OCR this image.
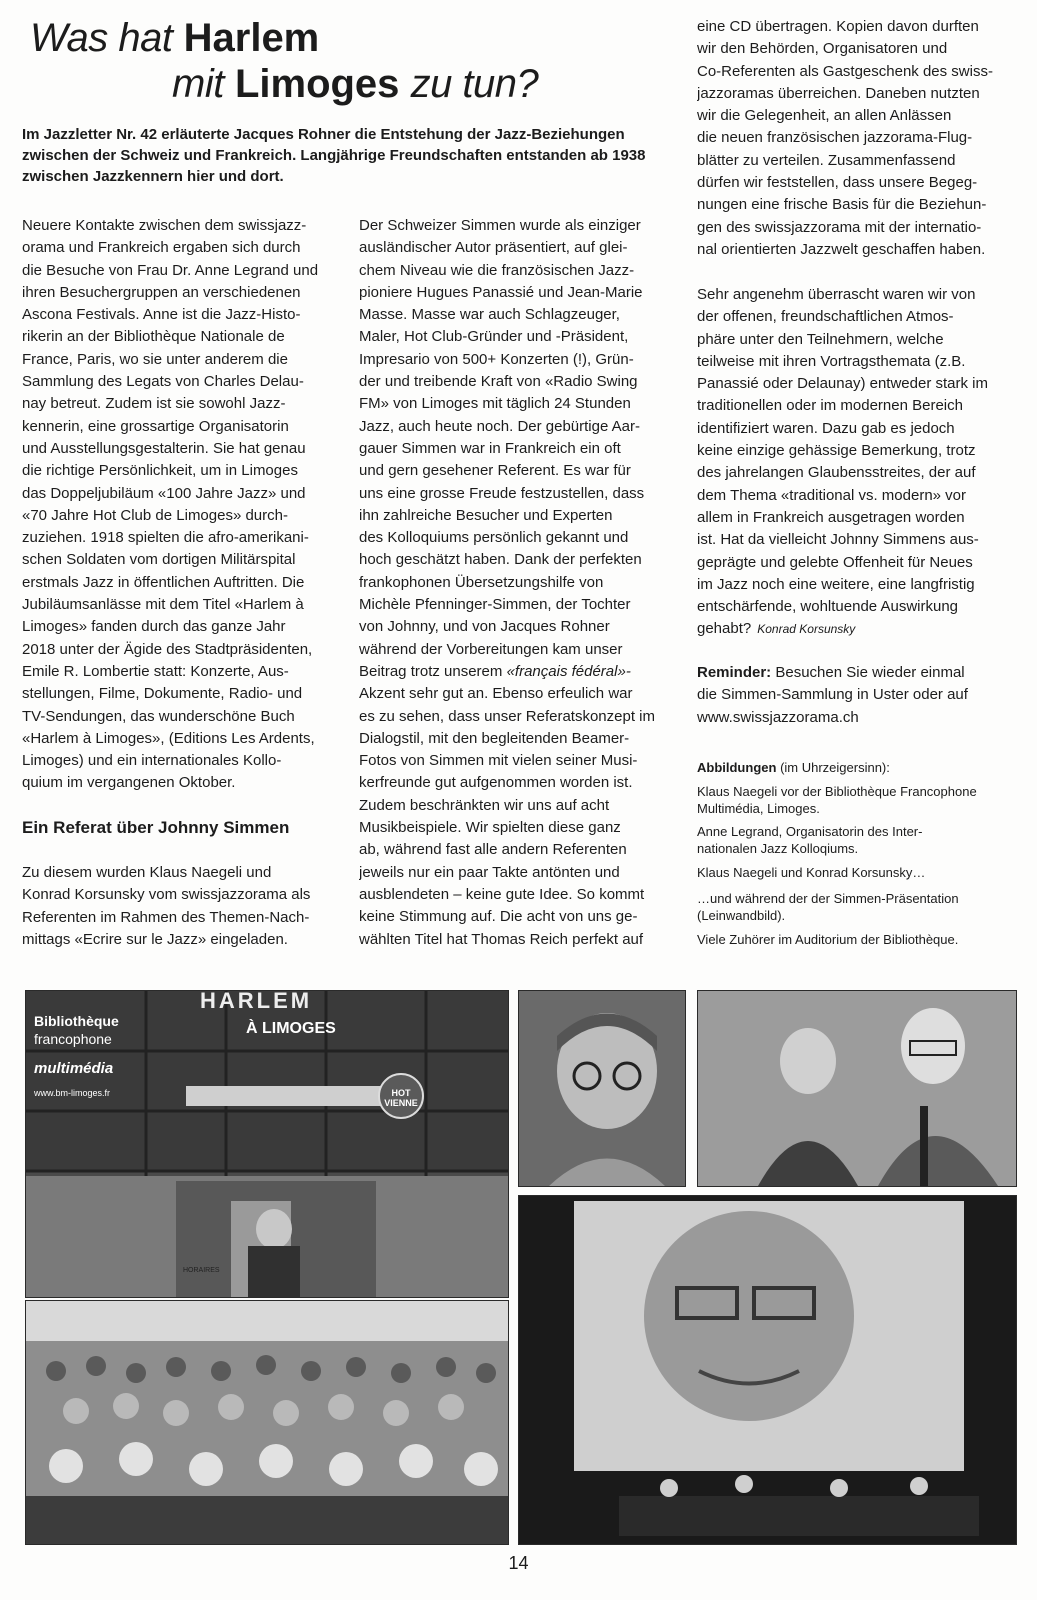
Was hat Harlem
mit Limoges zu tun?
Im Jazzletter Nr. 42 erläuterte Jacques Rohner die Entstehung der Jazz-Beziehungen zwischen der Schweiz und Frankreich. Langjährige Freundschaften entstanden ab 1938 zwischen Jazzkennern hier und dort.

Neuere Kontakte zwischen dem swissjazz-
orama und Frankreich ergaben sich durch
die Besuche von Frau Dr. Anne Legrand und
ihren Besuchergruppen an verschiedenen
Ascona Festivals. Anne ist die Jazz-Histo-
rikerin an der Bibliothèque Nationale de
France, Paris, wo sie unter anderem die
Sammlung des Legats von Charles Delau-
nay betreut. Zudem ist sie sowohl Jazz-
kennerin, eine grossartige Organisatorin
und Ausstellungsgestalterin. Sie hat genau
die richtige Persönlichkeit, um in Limoges
das Doppeljubiläum «100 Jahre Jazz» und
«70 Jahre Hot Club de Limoges» durch-
zuziehen. 1918 spielten die afro-amerikani-
schen Soldaten vom dortigen Militärspital
erstmals Jazz in öffentlichen Auftritten. Die
Jubiläumsanlässe mit dem Titel «Harlem à
Limoges» fanden durch das ganze Jahr
2018 unter der Ägide des Stadtpräsidenten,
Emile R. Lombertie statt: Konzerte, Aus-
stellungen, Filme, Dokumente, Radio- und
TV-Sendungen, das wunderschöne Buch
«Harlem à Limoges», (Editions Les Ardents,
Limoges) und ein internationales Kollo-
quium im vergangenen Oktober.

Ein Referat über Johnny Simmen
Zu diesem wurden Klaus Naegeli und
Konrad Korsunsky vom swissjazzorama als
Referenten im Rahmen des Themen-Nach-
mittags «Ecrire sur le Jazz» eingeladen.
Der Schweizer Simmen wurde als einziger
ausländischer Autor präsentiert, auf glei-
chem Niveau wie die französischen Jazz-
pioniere Hugues Panassié und Jean-Marie
Masse. Masse war auch Schlagzeuger,
Maler, Hot Club-Gründer und -Präsident,
Impresario von 500+ Konzerten (!), Grün-
der und treibende Kraft von «Radio Swing
FM» von Limoges mit täglich 24 Stunden
Jazz, auch heute noch. Der gebürtige Aar-
gauer Simmen war in Frankreich ein oft
und gern gesehener Referent. Es war für
uns eine grosse Freude festzustellen, dass
ihn zahlreiche Besucher und Experten
des Kolloquiums persönlich gekannt und
hoch geschätzt haben. Dank der perfekten
frankophonen Übersetzungshilfe von
Michèle Pfenninger-Simmen, der Tochter
von Johnny, und von Jacques Rohner
während der Vorbereitungen kam unser
Beitrag trotz unserem «français fédéral»-
Akzent sehr gut an. Ebenso erfeulich war
es zu sehen, dass unser Referatskonzept im
Dialogstil, mit den begleitenden Beamer-
Fotos von Simmen mit vielen seiner Musi-
kerfreunde gut aufgenommen worden ist.
Zudem beschränkten wir uns auf acht
Musikbeispiele. Wir spielten diese ganz
ab, während fast alle andern Referenten
jeweils nur ein paar Takte antönten und
ausblendeten – keine gute Idee. So kommt
keine Stimmung auf. Die acht von uns ge-
wählten Titel hat Thomas Reich perfekt auf
eine CD übertragen. Kopien davon durften
wir den Behörden, Organisatoren und
Co-Referenten als Gastgeschenk des swiss-
jazzoramas überreichen. Daneben nutzten
wir die Gelegenheit, an allen Anlässen
die neuen französischen jazzorama-Flug-
blätter zu verteilen. Zusammenfassend
dürfen wir feststellen, dass unsere Begeg-
nungen eine frische Basis für die Beziehun-
gen des swissjazzorama mit der internatio-
nal orientierten Jazzwelt geschaffen haben.
Sehr angenehm überrascht waren wir von
der offenen, freundschaftlichen Atmos-
phäre unter den Teilnehmern, welche
teilweise mit ihren Vortragsthemata (z.B.
Panassié oder Delaunay) entweder stark im
traditionellen oder im modernen Bereich
identifiziert waren. Dazu gab es jedoch
keine einzige gehässige Bemerkung, trotz
des jahrelangen Glaubensstreites, der auf
dem Thema «traditional vs. modern» vor
allem in Frankreich ausgetragen worden
ist. Hat da vielleicht Johnny Simmens aus-
geprägte und gelebte Offenheit für Neues
im Jazz noch eine weitere, eine langfristig
entschärfende, wohltuende Auswirkung
gehabt? Konrad Korsunsky
Reminder: Besuchen Sie wieder einmal
die Simmen-Sammlung in Uster oder auf
www.swissjazzorama.ch
Abbildungen (im Uhrzeigersinn):
Klaus Naegeli vor der Bibliothèque Francophone
Multimédia, Limoges.
Anne Legrand, Organisatorin des Inter-
nationalen Jazz Kolloqiums.
Klaus Naegeli und Konrad Korsunsky…
…und während der der Simmen-Präsentation
(Leinwandbild).
Viele Zuhörer im Auditorium der Bibliothèque.
Bibliothèque
francophone
multimédia
www.bm-limoges.fr
HARLEM
À LIMOGES
HOT VIENNE
HORAIRES
14
